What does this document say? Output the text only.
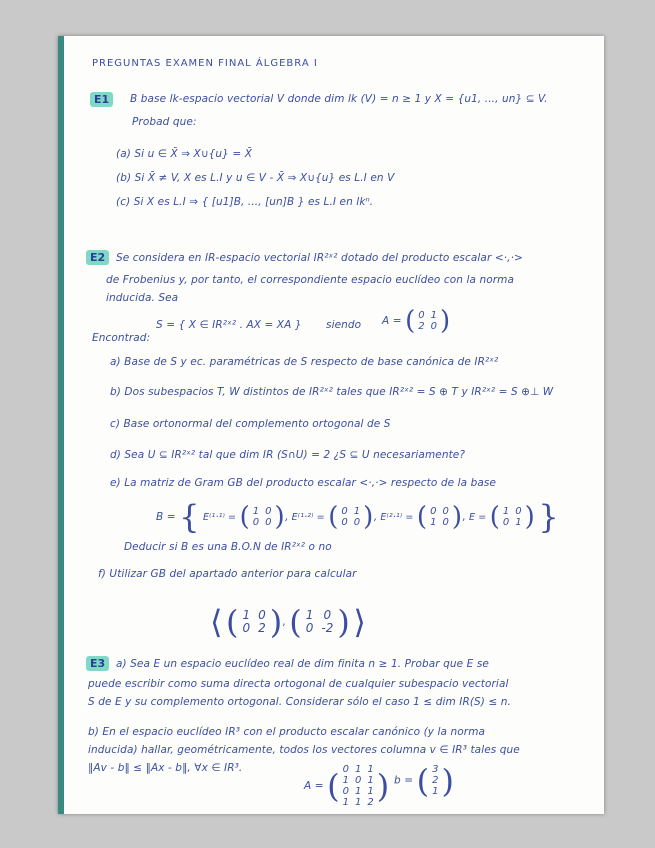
PREGUNTAS EXAMEN FINAL ÁLGEBRA I
E1	B base lk-espacio vectorial V donde dim lk (V) = n ≥ 1 y X = {u1, ..., un} ⊆ V.
Probad que:
(a) Si u ∈ X̄ ⇒ X∪{u} = X̄
(b) Si X̄ ≠ V, X es L.I y u ∈ V - X̄ ⇒ X∪{u} es L.I en V
(c) Si X es L.I ⇒ { [u1]B, ..., [un]B } es L.I en lkⁿ.
E2	Se considera en IR-espacio vectorial IR²ˣ² dotado del producto escalar <·,·>
de Frobenius y, por tanto, el correspondiente espacio euclídeo con la norma
inducida. Sea
S = { X ∈ IR²ˣ² . AX = XA } siendo A = ( 0	1
2	0 )
Encontrad:
a) Base de S y ec. paramétricas de S respecto de base canónica de IR²ˣ²
b) Dos subespacios T, W distintos de IR²ˣ² tales que IR²ˣ² = S ⊕ T y IR²ˣ² = S ⊕⊥ W
c) Base ortonormal del complemento ortogonal de S
d) Sea U ⊆ IR²ˣ² tal que dim IR (S∩U) = 2 ¿S ⊆ U necesariamente?
e) La matriz de Gram GB del producto escalar <·,·> respecto de la base
B = { E⁽¹·¹⁾ = ( 1	0
0	0 ), E⁽¹·²⁾ = ( 0	1
0	0 ), E⁽²·¹⁾ = ( 0	0
1	0 ), E = ( 1	0
0	1 ) }
Deducir si B es una B.O.N de IR²ˣ² o no
f) Utilizar GB del apartado anterior para calcular
⟨ ( 1	0
0	2 ), ( 1	0
0	-2 ) ⟩
E3	a) Sea E un espacio euclídeo real de dim finita n ≥ 1. Probar que E se
puede escribir como suma directa ortogonal de cualquier subespacio vectorial
S de E y su complemento ortogonal. Considerar sólo el caso 1 ≤ dim IR(S) ≤ n.
b) En el espacio euclídeo IR³ con el producto escalar canónico (y la norma
inducida) hallar, geométricamente, todos los vectores columna v ∈ IR³ tales que
‖Av - b‖ ≤ ‖Ax - b‖, ∀x ∈ IR³.
A = ( 0	1	1
1	0	1
0	1	1
1	1	2 ) b = ( 3
2
1 )
